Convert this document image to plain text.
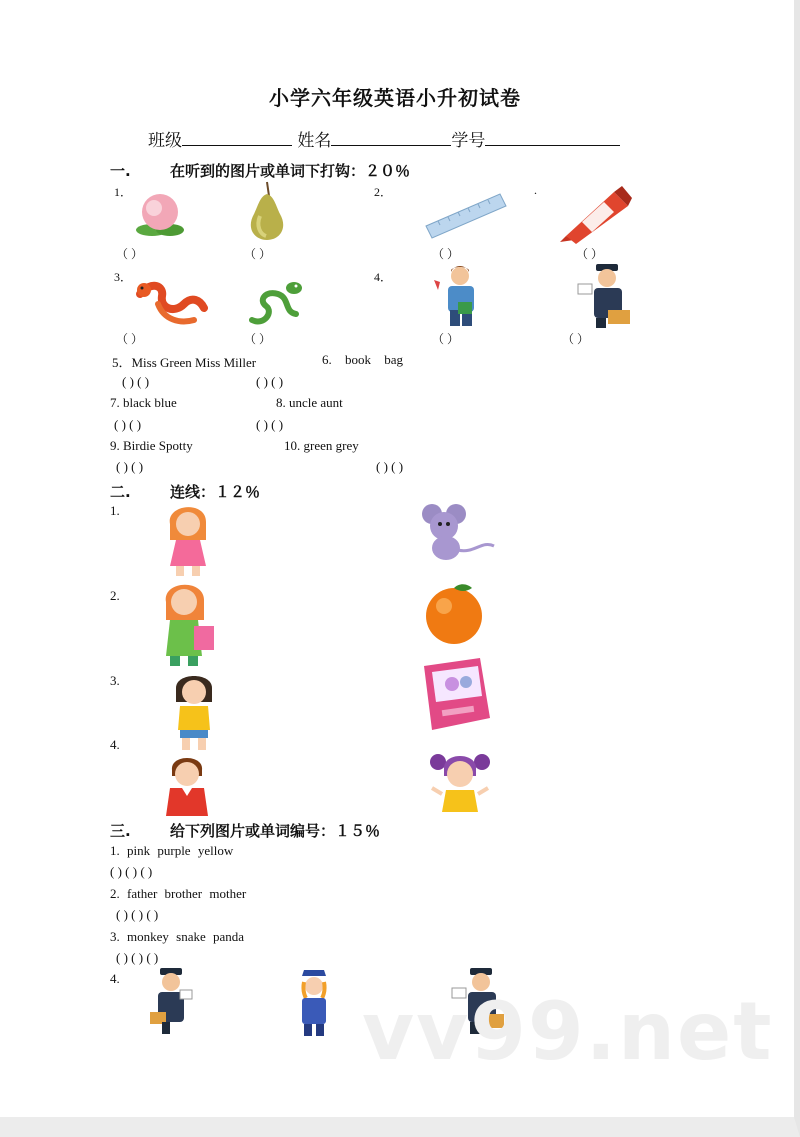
小学六年级英语小升初试卷
班级	姓名	学号
一.	在听到的图片或单词下打钩：２０％
1．	2．	.
（ ）	（ ）	（ ）	（ ）
3．	4．
（ ）	（ ）	（ ）	（ ）
5．Miss Green Miss Miller	6. book bag
( ) ( )	( ) ( )
7. black blue	8. uncle aunt
( ) ( )	( ) ( )
9. Birdie Spotty	10. green grey
( ) ( )	( ) ( )
二.	连线：１２％
1.
2.
3.
4.
三.	给下列图片或单词编号：１５％
1. pink purple yellow
( ) ( ) ( )
2. father brother mother
( ) ( ) ( )
3. monkey snake panda
( ) ( ) ( )
4.
vv99.net
